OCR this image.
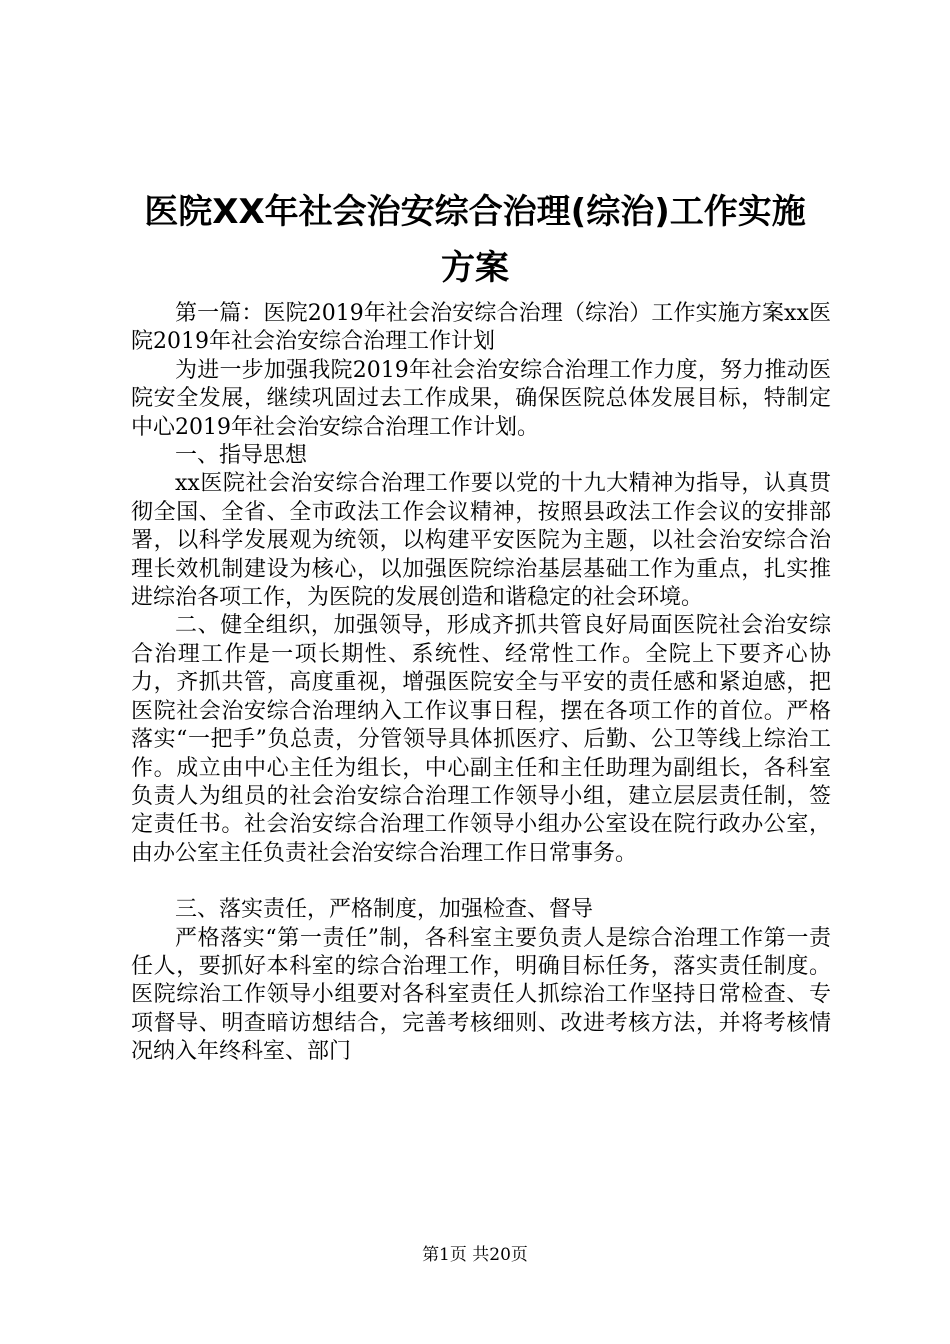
医院XX年社会治安综合治理(综治)工作实施
方案

第一篇：医院2019年社会治安综合治理（综治）工作实施方案xx医院2019年社会治安综合治理工作计划

为进一步加强我院2019年社会治安综合治理工作力度，努力推动医院安全发展，继续巩固过去工作成果，确保医院总体发展目标，特制定中心2019年社会治安综合治理工作计划。

一、指导思想

xx医院社会治安综合治理工作要以党的十九大精神为指导，认真贯彻全国、全省、全市政法工作会议精神，按照县政法工作会议的安排部署，以科学发展观为统领，以构建平安医院为主题，以社会治安综合治理长效机制建设为核心，以加强医院综治基层基础工作为重点，扎实推进综治各项工作，为医院的发展创造和谐稳定的社会环境。

二、健全组织，加强领导，形成齐抓共管良好局面医院社会治安综合治理工作是一项长期性、系统性、经常性工作。全院上下要齐心协力，齐抓共管，高度重视，增强医院安全与平安的责任感和紧迫感，把医院社会治安综合治理纳入工作议事日程，摆在各项工作的首位。严格落实“一把手”负总责，分管领导具体抓医疗、后勤、公卫等线上综治工作。成立由中心主任为组长，中心副主任和主任助理为副组长，各科室负责人为组员的社会治安综合治理工作领导小组，建立层层责任制，签定责任书。社会治安综合治理工作领导小组办公室设在院行政办公室，由办公室主任负责社会治安综合治理工作日常事务。

三、落实责任，严格制度，加强检查、督导

严格落实“第一责任”制，各科室主要负责人是综合治理工作第一责任人，要抓好本科室的综合治理工作，明确目标任务，落实责任制度。医院综治工作领导小组要对各科室责任人抓综治工作坚持日常检查、专项督导、明查暗访想结合，完善考核细则、改进考核方法，并将考核情况纳入年终科室、部门

第1页 共20页
